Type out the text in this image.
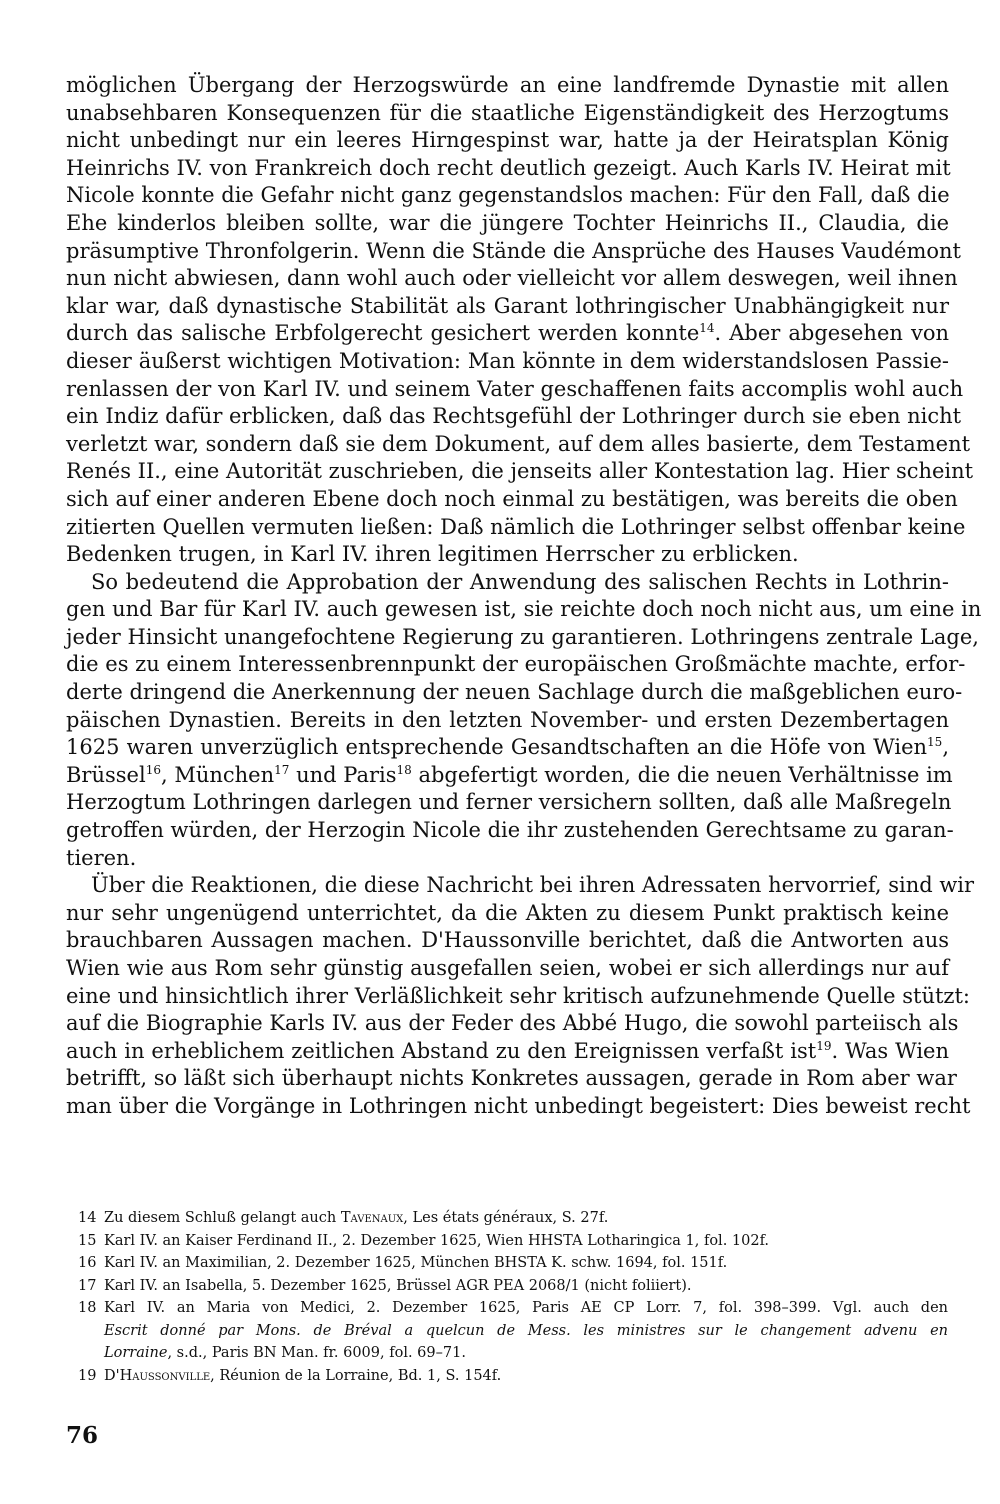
möglichen Übergang der Herzogswürde an eine landfremde Dynastie mit allen
unabsehbaren Konsequenzen für die staatliche Eigenständigkeit des Herzogtums
nicht unbedingt nur ein leeres Hirngespinst war, hatte ja der Heiratsplan König
Heinrichs IV. von Frankreich doch recht deutlich gezeigt. Auch Karls IV. Heirat mit
Nicole konnte die Gefahr nicht ganz gegenstandslos machen: Für den Fall, daß die
Ehe kinderlos bleiben sollte, war die jüngere Tochter Heinrichs II., Claudia, die
präsumptive Thronfolgerin. Wenn die Stände die Ansprüche des Hauses Vaudémont
nun nicht abwiesen, dann wohl auch oder vielleicht vor allem deswegen, weil ihnen
klar war, daß dynastische Stabilität als Garant lothringischer Unabhängigkeit nur
durch das salische Erbfolgerecht gesichert werden konnte$^{14}$. Aber abgesehen von
dieser äußerst wichtigen Motivation: Man könnte in dem widerstandslosen Passie-
renlassen der von Karl IV. und seinem Vater geschaffenen faits accomplis wohl auch
ein Indiz dafür erblicken, daß das Rechtsgefühl der Lothringer durch sie eben nicht
verletzt war, sondern daß sie dem Dokument, auf dem alles basierte, dem Testament
Renés II., eine Autorität zuschrieben, die jenseits aller Kontestation lag. Hier scheint
sich auf einer anderen Ebene doch noch einmal zu bestätigen, was bereits die oben
zitierten Quellen vermuten ließen: Daß nämlich die Lothringer selbst offenbar keine
Bedenken trugen, in Karl IV. ihren legitimen Herrscher zu erblicken.
So bedeutend die Approbation der Anwendung des salischen Rechts in Lothrin-
gen und Bar für Karl IV. auch gewesen ist, sie reichte doch noch nicht aus, um eine in
jeder Hinsicht unangefochtene Regierung zu garantieren. Lothringens zentrale Lage,
die es zu einem Interessenbrennpunkt der europäischen Großmächte machte, erfor-
derte dringend die Anerkennung der neuen Sachlage durch die maßgeblichen euro-
päischen Dynastien. Bereits in den letzten November- und ersten Dezembertagen
1625 waren unverzüglich entsprechende Gesandtschaften an die Höfe von Wien$^{15}$,
Brüssel$^{16}$, München$^{17}$ und Paris$^{18}$ abgefertigt worden, die die neuen Verhältnisse im
Herzogtum Lothringen darlegen und ferner versichern sollten, daß alle Maßregeln
getroffen würden, der Herzogin Nicole die ihr zustehenden Gerechtsame zu garan-
tieren.
Über die Reaktionen, die diese Nachricht bei ihren Adressaten hervorrief, sind wir
nur sehr ungenügend unterrichtet, da die Akten zu diesem Punkt praktisch keine
brauchbaren Aussagen machen. D'Haussonville berichtet, daß die Antworten aus
Wien wie aus Rom sehr günstig ausgefallen seien, wobei er sich allerdings nur auf
eine und hinsichtlich ihrer Verläßlichkeit sehr kritisch aufzunehmende Quelle stützt:
auf die Biographie Karls IV. aus der Feder des Abbé Hugo, die sowohl parteiisch als
auch in erheblichem zeitlichen Abstand zu den Ereignissen verfaßt ist$^{19}$. Was Wien
betrifft, so läßt sich überhaupt nichts Konkretes aussagen, gerade in Rom aber war
man über die Vorgänge in Lothringen nicht unbedingt begeistert: Dies beweist recht
14 Zu diesem Schluß gelangt auch Tavenaux, Les états généraux, S. 27f.
15 Karl IV. an Kaiser Ferdinand II., 2. Dezember 1625, Wien HHSTA Lotharingica 1, fol. 102f.
16 Karl IV. an Maximilian, 2. Dezember 1625, München BHSTA K. schw. 1694, fol. 151f.
17 Karl IV. an Isabella, 5. Dezember 1625, Brüssel AGR PEA 2068/1 (nicht foliiert).
18 Karl IV. an Maria von Medici, 2. Dezember 1625, Paris AE CP Lorr. 7, fol. 398–399. Vgl. auch den
Escrit donné par Mons. de Bréval a quelcun de Mess. les ministres sur le changement advenu en
Lorraine, s.d., Paris BN Man. fr. 6009, fol. 69–71.
19 D'Haussonville, Réunion de la Lorraine, Bd. 1, S. 154f.
76
